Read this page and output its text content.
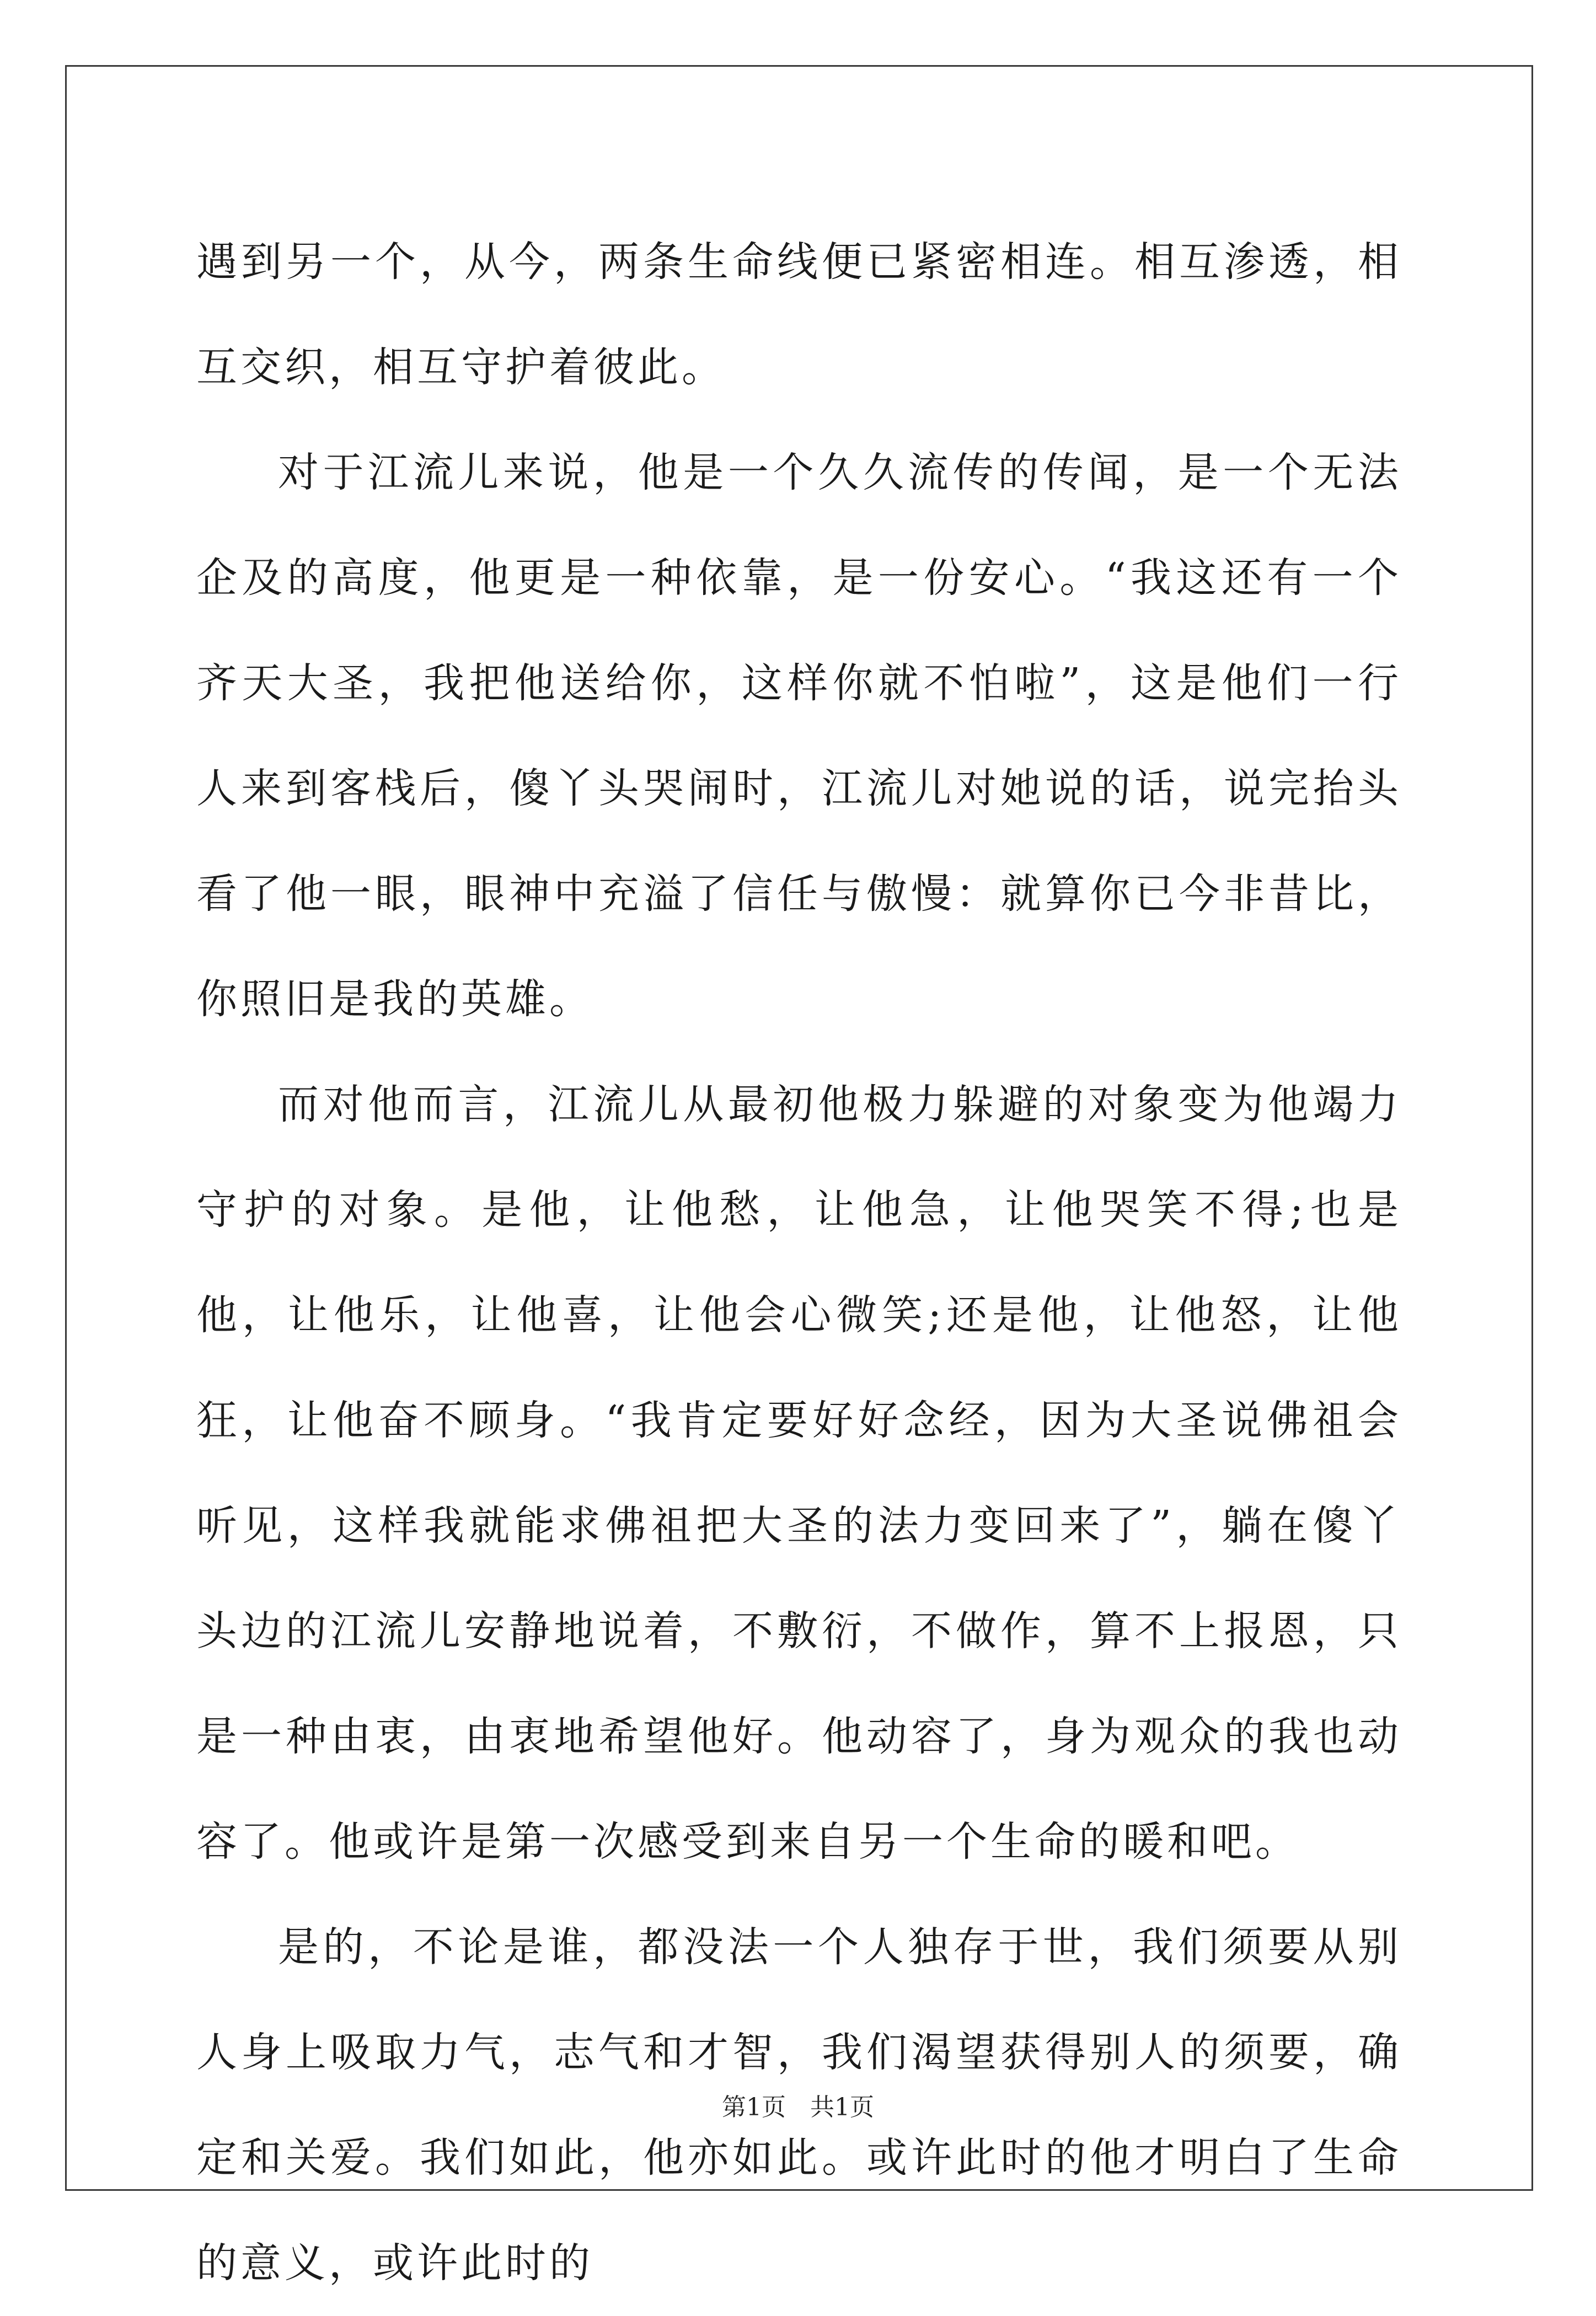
遇到另一个，从今，两条生命线便已紧密相连。相互渗透，相互交织，相互守护着彼此。

对于江流儿来说，他是一个久久流传的传闻，是一个无法企及的高度，他更是一种依靠，是一份安心。“我这还有一个齐天大圣，我把他送给你，这样你就不怕啦”，这是他们一行人来到客栈后，傻丫头哭闹时，江流儿对她说的话，说完抬头看了他一眼，眼神中充溢了信任与傲慢：就算你已今非昔比，你照旧是我的英雄。

而对他而言，江流儿从最初他极力躲避的对象变为他竭力守护的对象。是他，让他愁，让他急，让他哭笑不得;也是他，让他乐，让他喜，让他会心微笑;还是他，让他怒，让他狂，让他奋不顾身。“我肯定要好好念经，因为大圣说佛祖会听见，这样我就能求佛祖把大圣的法力变回来了”，躺在傻丫头边的江流儿安静地说着，不敷衍，不做作，算不上报恩，只是一种由衷，由衷地希望他好。他动容了，身为观众的我也动容了。他或许是第一次感受到来自另一个生命的暖和吧。

是的，不论是谁，都没法一个人独存于世，我们须要从别人身上吸取力气，志气和才智，我们渴望获得别人的须要，确定和关爱。我们如此，他亦如此。或许此时的他才明白了生命的意义，或许此时的

第1页 共1页
